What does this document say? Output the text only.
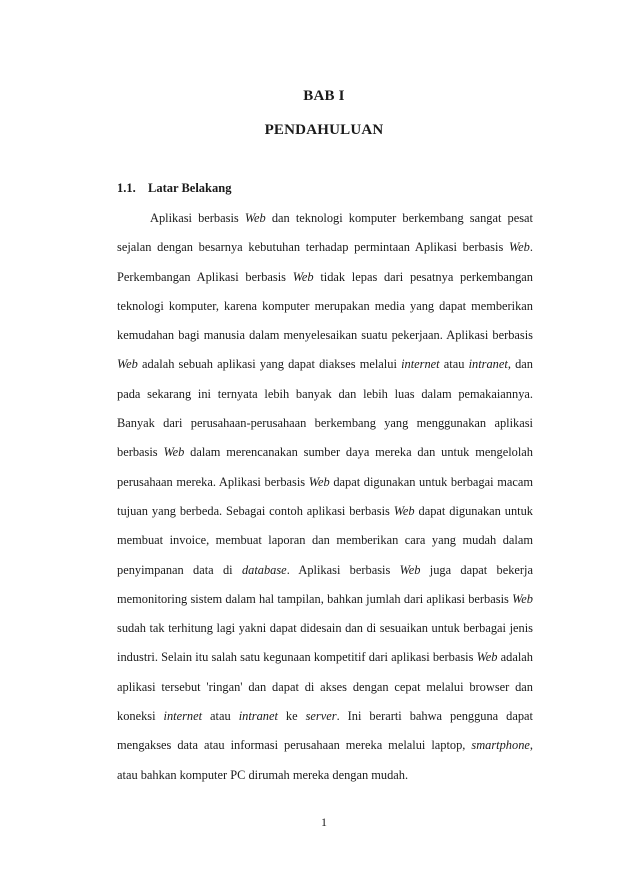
BAB I
PENDAHULUAN
1.1. Latar Belakang

Aplikasi berbasis Web dan teknologi komputer berkembang sangat pesat sejalan dengan besarnya kebutuhan terhadap permintaan Aplikasi berbasis Web. Perkembangan Aplikasi berbasis Web tidak lepas dari pesatnya perkembangan teknologi komputer, karena komputer merupakan media yang dapat memberikan kemudahan bagi manusia dalam menyelesaikan suatu pekerjaan. Aplikasi berbasis Web adalah sebuah aplikasi yang dapat diakses melalui internet atau intranet, dan pada sekarang ini ternyata lebih banyak dan lebih luas dalam pemakaiannya. Banyak dari perusahaan-perusahaan berkembang yang menggunakan aplikasi berbasis Web dalam merencanakan sumber daya mereka dan untuk mengelolah perusahaan mereka. Aplikasi berbasis Web dapat digunakan untuk berbagai macam tujuan yang berbeda. Sebagai contoh aplikasi berbasis Web dapat digunakan untuk membuat invoice, membuat laporan dan memberikan cara yang mudah dalam penyimpanan data di database. Aplikasi berbasis Web juga dapat bekerja memonitoring sistem dalam hal tampilan, bahkan jumlah dari aplikasi berbasis Web sudah tak terhitung lagi yakni dapat didesain dan di sesuaikan untuk berbagai jenis industri. Selain itu salah satu kegunaan kompetitif dari aplikasi berbasis Web adalah aplikasi tersebut 'ringan' dan dapat di akses dengan cepat melalui browser dan koneksi internet atau intranet ke server. Ini berarti bahwa pengguna dapat mengakses data atau informasi perusahaan mereka melalui laptop, smartphone, atau bahkan komputer PC dirumah mereka dengan mudah.

1
